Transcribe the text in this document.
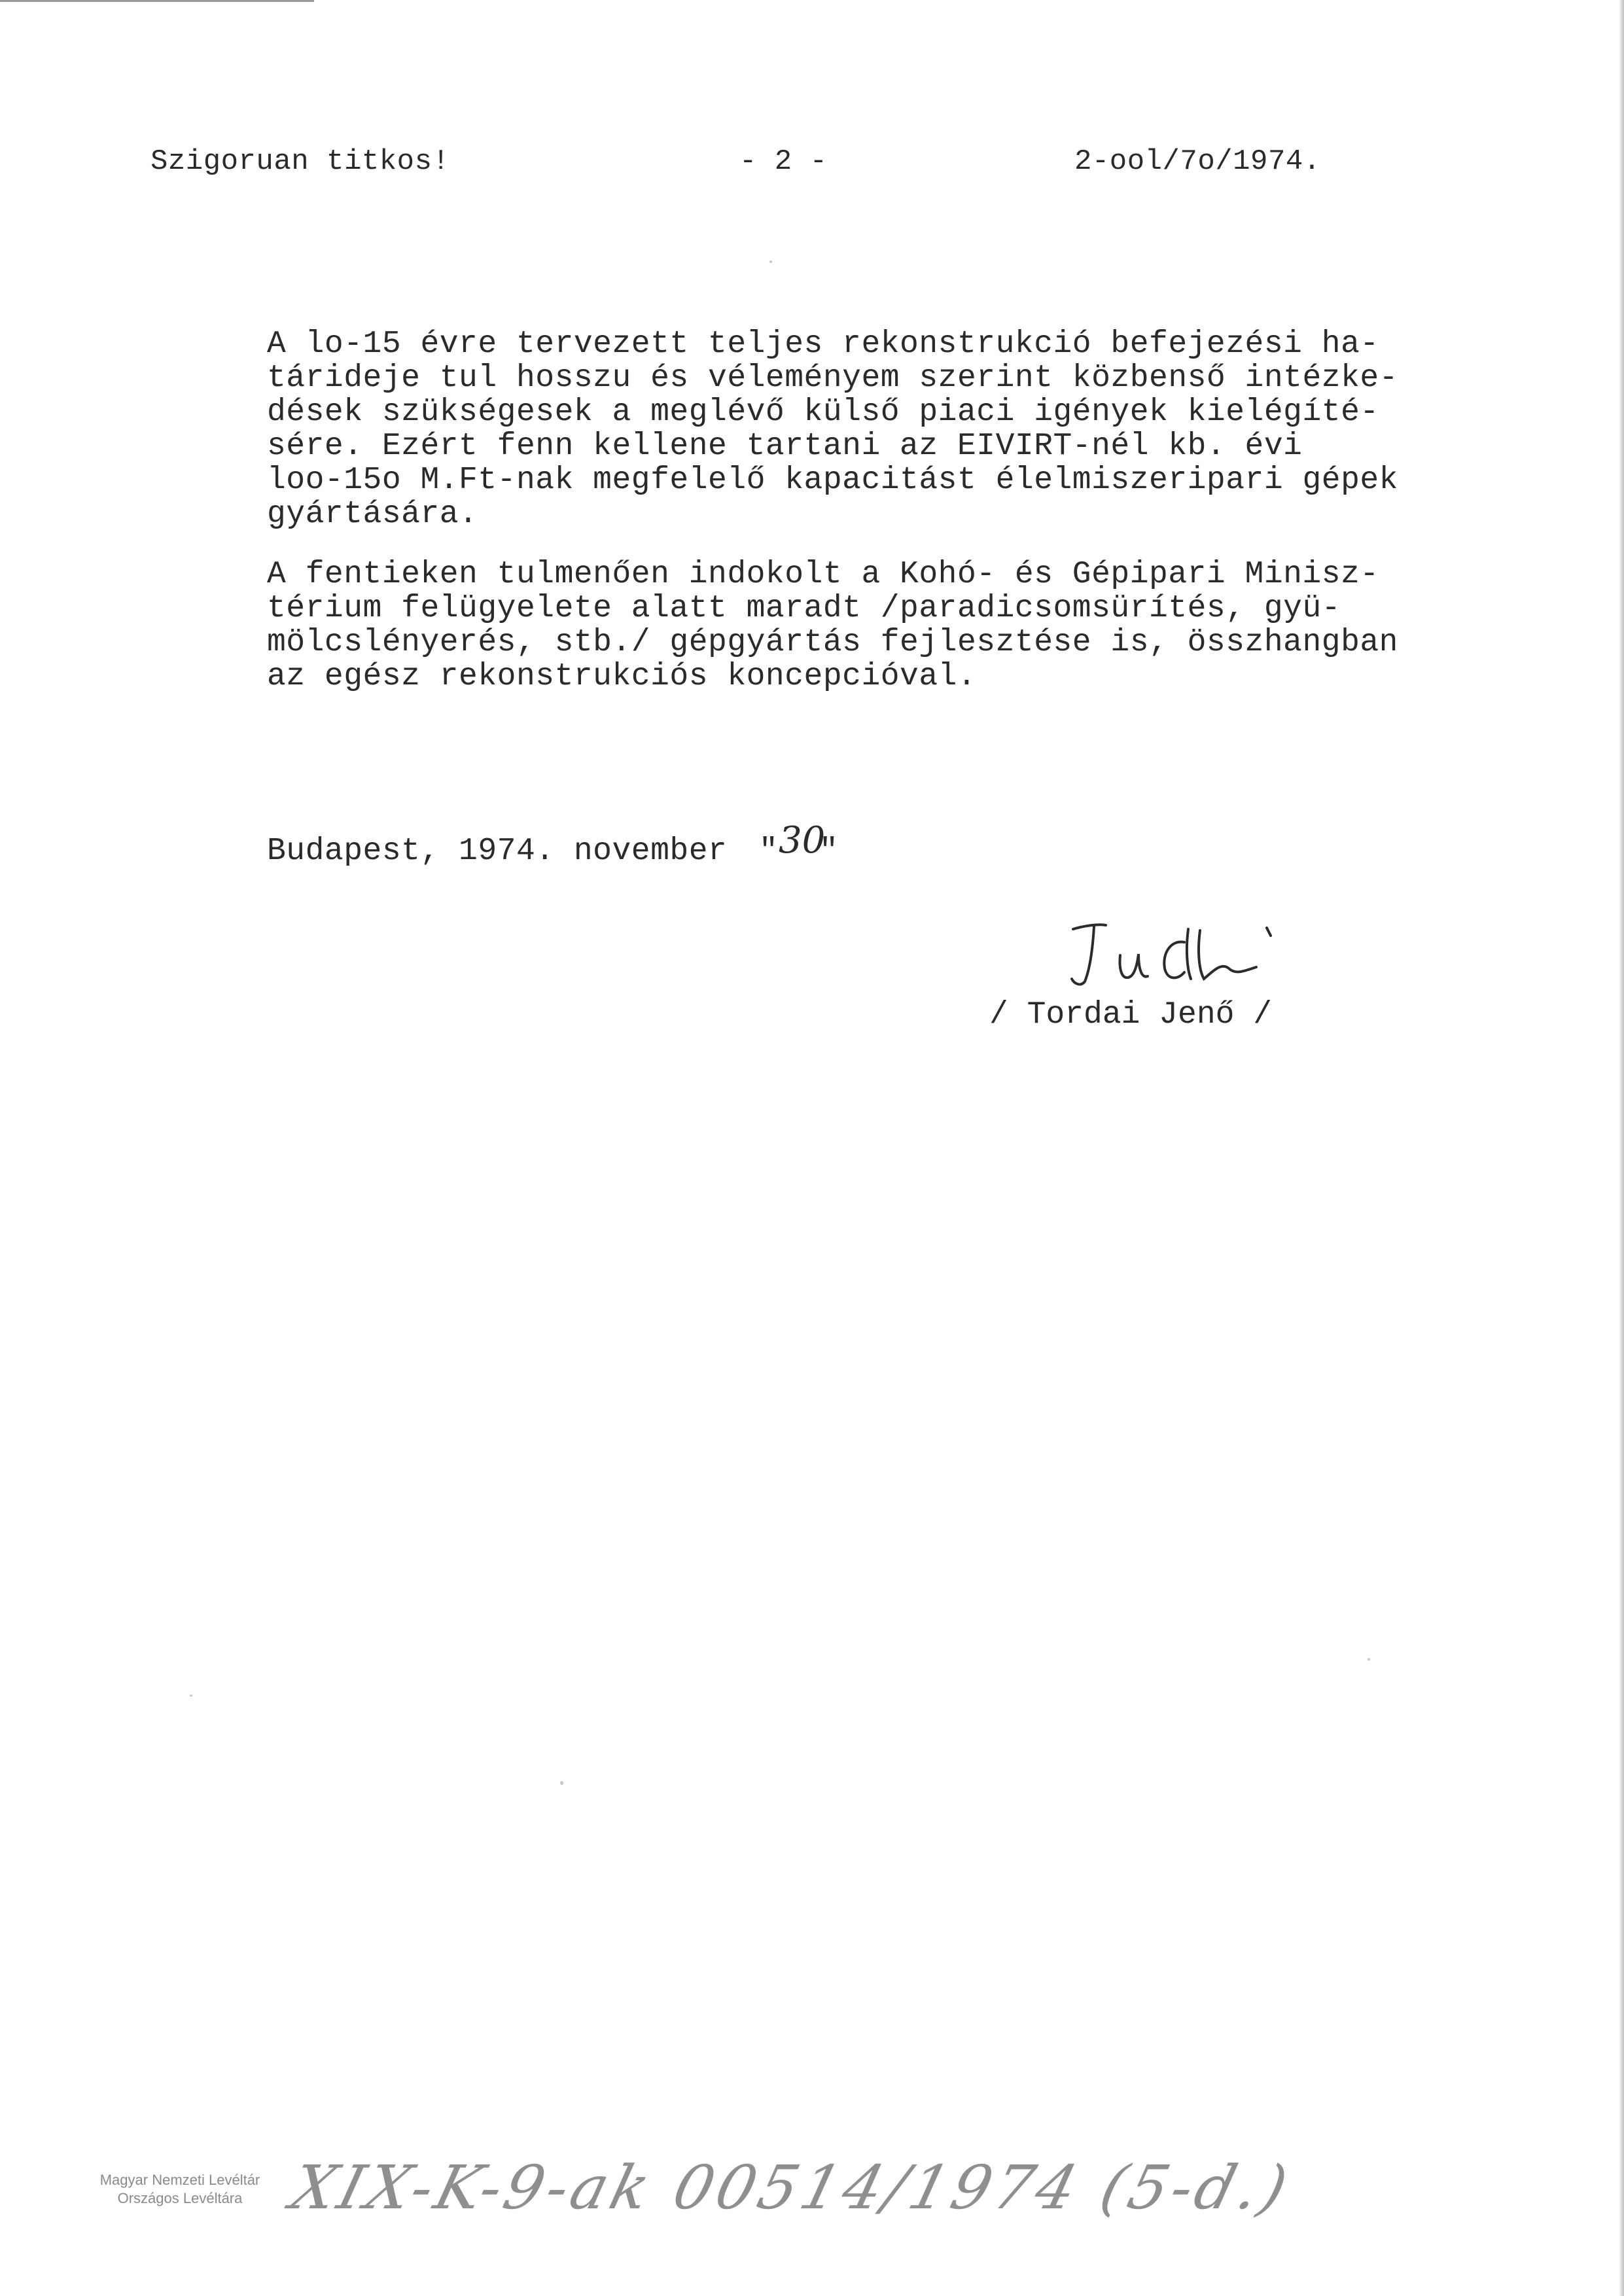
Szigoruan titkos!	- 2 -	2-ool/7o/1974.
A lo-15 évre tervezett teljes rekonstrukció befejezési ha-
tárideje tul hosszu és véleményem szerint közbenső intézke-
dések szükségesek a meglévő külső piaci igények kielégíté-
sére. Ezért fenn kellene tartani az EIVIRT-nél kb. évi
loo-15o M.Ft-nak megfelelő kapacitást élelmiszeripari gépek
gyártására.
A fentieken tulmenően indokolt a Kohó- és Gépipari Minisz-
térium felügyelete alatt maradt /paradicsomsürítés, gyü-
mölcslényerés, stb./ gépgyártás fejlesztése is, összhangban
az egész rekonstrukciós koncepcióval.
Budapest, 1974. november " 30
"
/ Tordai Jenő /
Magyar Nemzeti Levéltár
Országos Levéltára XIX-K-9-ak 00514/1974 (5-d.)
